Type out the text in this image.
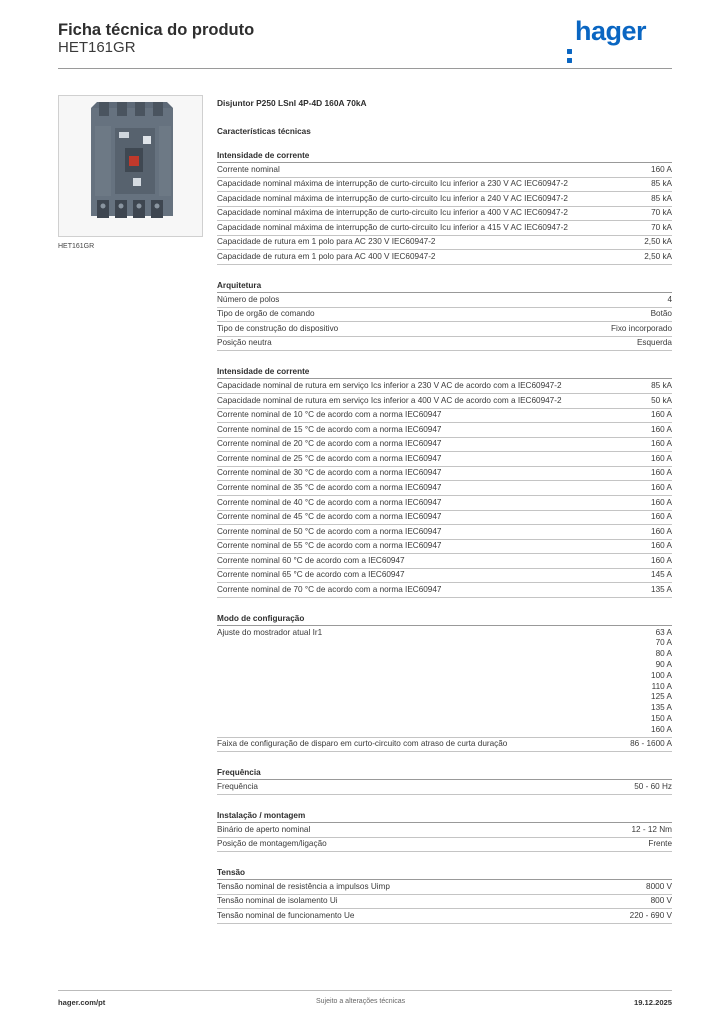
Ficha técnica do produto
HET161GR
hager
HET161GR
Disjuntor P250 LSnI 4P-4D 160A 70kA
Características técnicas
Intensidade de corrente
Corrente nominal	160 A
Capacidade nominal máxima de interrupção de curto-circuito Icu inferior a 230 V AC IEC60947-2	85 kA
Capacidade nominal máxima de interrupção de curto-circuito Icu inferior a 240 V AC IEC60947-2	85 kA
Capacidade nominal máxima de interrupção de curto-circuito Icu inferior a 400 V AC IEC60947-2	70 kA
Capacidade nominal máxima de interrupção de curto-circuito Icu inferior a 415 V AC IEC60947-2	70 kA
Capacidade de rutura em 1 polo para AC 230 V IEC60947-2	2,50 kA
Capacidade de rutura em 1 polo para AC 400 V IEC60947-2	2,50 kA
Arquitetura
Número de polos	4
Tipo de orgão de comando	Botão
Tipo de construção do dispositivo	Fixo incorporado
Posição neutra	Esquerda
Intensidade de corrente
Capacidade nominal de rutura em serviço Ics inferior a 230 V AC de acordo com a IEC60947-2	85 kA
Capacidade nominal de rutura em serviço Ics inferior a 400 V AC de acordo com a IEC60947-2	50 kA
Corrente nominal de 10 °C de acordo com a norma IEC60947	160 A
Corrente nominal de 15 °C de acordo com a norma IEC60947	160 A
Corrente nominal de 20 °C de acordo com a norma IEC60947	160 A
Corrente nominal de 25 °C de acordo com a norma IEC60947	160 A
Corrente nominal de 30 °C de acordo com a norma IEC60947	160 A
Corrente nominal de 35 °C de acordo com a norma IEC60947	160 A
Corrente nominal de 40 °C de acordo com a norma IEC60947	160 A
Corrente nominal de 45 °C de acordo com a norma IEC60947	160 A
Corrente nominal de 50 °C de acordo com a norma IEC60947	160 A
Corrente nominal de 55 °C de acordo com a norma IEC60947	160 A
Corrente nominal 60 °C de acordo com a IEC60947	160 A
Corrente nominal 65 °C de acordo com a IEC60947	145 A
Corrente nominal de 70 °C de acordo com a norma IEC60947	135 A
Modo de configuração
Ajuste do mostrador atual Ir1	63 A
70 A
80 A
90 A
100 A
110 A
125 A
135 A
150 A
160 A
Faixa de configuração de disparo em curto-circuito com atraso de curta duração	86 - 1600 A
Frequência
Frequência	50 - 60 Hz
Instalação / montagem
Binário de aperto nominal	12 - 12 Nm
Posição de montagem/ligação	Frente
Tensão
Tensão nominal de resistência a impulsos Uimp	8000 V
Tensão nominal de isolamento Ui	800 V
Tensão nominal de funcionamento Ue	220 - 690 V
hager.com/pt	Sujeito a alterações técnicas	19.12.2025
